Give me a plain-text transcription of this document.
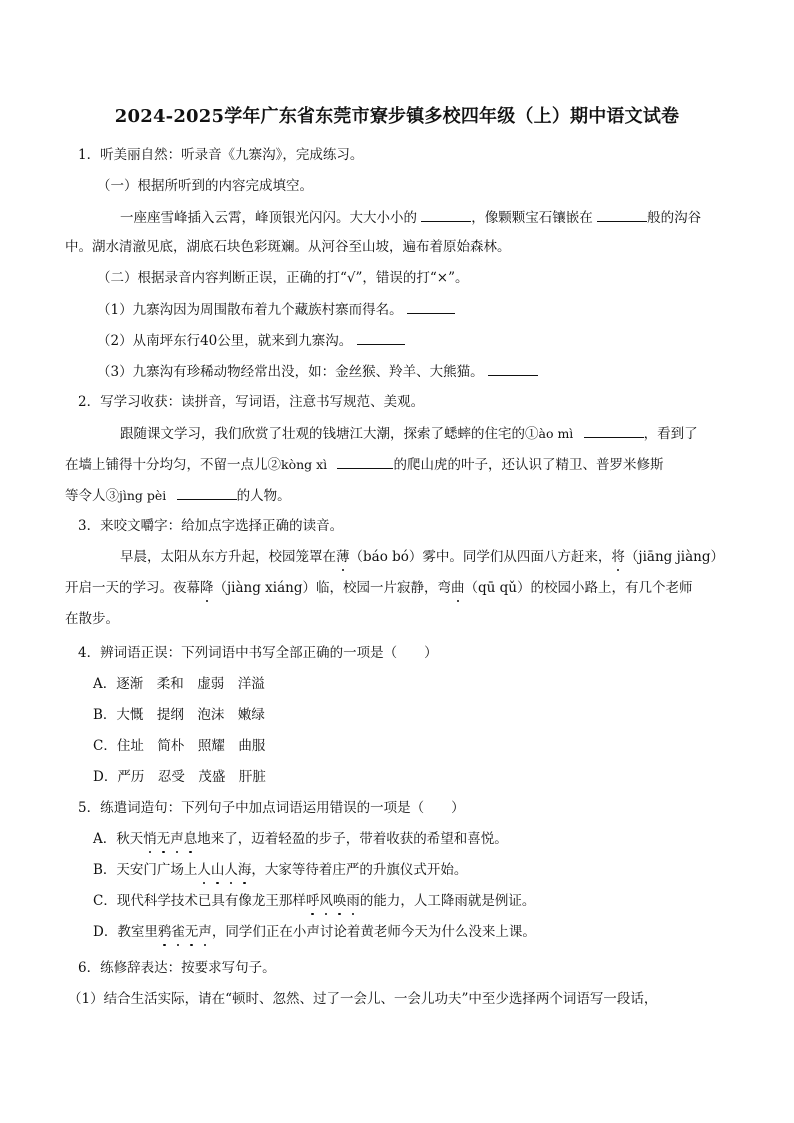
2024-2025学年广东省东莞市寮步镇多校四年级（上）期中语文试卷
1．听美丽自然：听录音《九寨沟》，完成练习。
（一）根据所听到的内容完成填空。
一座座雪峰插入云霄，峰顶银光闪闪。大大小小的	，像颗颗宝石镶嵌在	般的沟谷
中。湖水清澈见底，湖底石块色彩斑斓。从河谷至山坡，遍布着原始森林。
（二）根据录音内容判断正误，正确的打“√”，错误的打“×”。
（1）九寨沟因为周围散布着九个藏族村寨而得名。
（2）从南坪东行40公里，就来到九寨沟。
（3）九寨沟有珍稀动物经常出没，如：金丝猴、羚羊、大熊猫。
2．写学习收获：读拼音，写词语，注意书写规范、美观。
跟随课文学习，我们欣赏了壮观的钱塘江大潮，探索了蟋蟀的住宅的①ào mì	，看到了
在墙上铺得十分均匀，不留一点儿②kòng xì	的爬山虎的叶子，还认识了精卫、普罗米修斯
等令人③jìng pèi	的人物。
3．来咬文嚼字：给加点字选择正确的读音。
早晨，太阳从东方升起，校园笼罩在薄（báo bó）雾中。同学们从四面八方赶来，将（jiāng jiàng）
开启一天的学习。夜幕降（jiàng xiáng）临，校园一片寂静，弯曲（qū qǔ）的校园小路上，有几个老师
在散步。
4．辨词语正误：下列词语中书写全部正确的一项是（　　）
A．逐渐　柔和　虚弱　洋溢
B．大慨　提纲　泡沫　嫩绿
C．住址　简朴　照耀　曲服
D．严历　忍受　茂盛　肝脏
5．练遣词造句：下列句子中加点词语运用错误的一项是（　　）
A．秋天悄无声息地来了，迈着轻盈的步子，带着收获的希望和喜悦。
B．天安门广场上人山人海，大家等待着庄严的升旗仪式开始。
C．现代科学技术已具有像龙王那样呼风唤雨的能力，人工降雨就是例证。
D．教室里鸦雀无声，同学们正在小声讨论着黄老师今天为什么没来上课。
6．练修辞表达：按要求写句子。
（1）结合生活实际，请在“顿时、忽然、过了一会儿、一会儿功夫”中至少选择两个词语写一段话，
